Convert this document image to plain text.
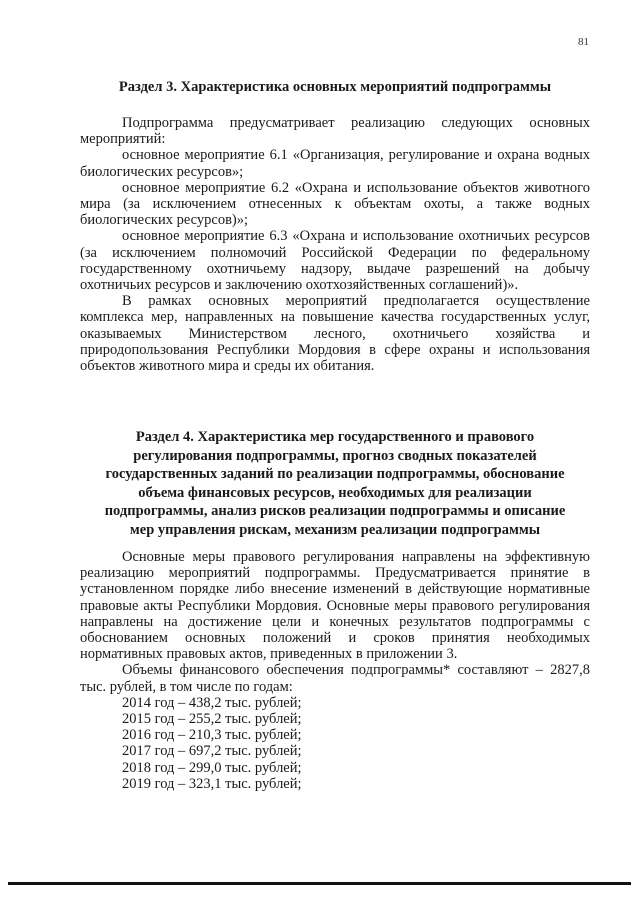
81
Раздел 3. Характеристика основных мероприятий подпрограммы

Подпрограмма предусматривает реализацию следующих основных мероприятий:

основное мероприятие 6.1 «Организация, регулирование и охрана водных биологических ресурсов»;

основное мероприятие 6.2 «Охрана и использование объектов животного мира (за исключением отнесенных к объектам охоты, а также водных биологических ресурсов)»;

основное мероприятие 6.3 «Охрана и использование охотничьих ресурсов (за исключением полномочий Российской Федерации по федеральному государственному охотничьему надзору, выдаче разрешений на добычу охотничьих ресурсов и заключению охотхозяйственных соглашений)».

В рамках основных мероприятий предполагается осуществление комплекса мер, направленных на повышение качества государственных услуг, оказываемых Министерством лесного, охотничьего хозяйства и природопользования Республики Мордовия в сфере охраны и использования объектов животного мира и среды их обитания.

Раздел 4. Характеристика мер государственного и правового
регулирования подпрограммы, прогноз сводных показателей
государственных заданий по реализации подпрограммы, обоснование
объема финансовых ресурсов, необходимых для реализации
подпрограммы, анализ рисков реализации подпрограммы и описание
мер управления рискам, механизм реализации подпрограммы

Основные меры правового регулирования направлены на эффективную реализацию мероприятий подпрограммы. Предусматривается принятие в установленном порядке либо внесение изменений в действующие нормативные правовые акты Республики Мордовия. Основные меры правового регулирования направлены на достижение цели и конечных результатов подпрограммы с обоснованием основных положений и сроков принятия необходимых нормативных правовых актов, приведенных в приложении 3.

Объемы финансового обеспечения подпрограммы* составляют – 2827,8 тыс. рублей, в том числе по годам:

2014 год – 438,2 тыс. рублей;
2015 год – 255,2 тыс. рублей;
2016 год – 210,3 тыс. рублей;
2017 год – 697,2 тыс. рублей;
2018 год – 299,0 тыс. рублей;
2019 год – 323,1 тыс. рублей;
